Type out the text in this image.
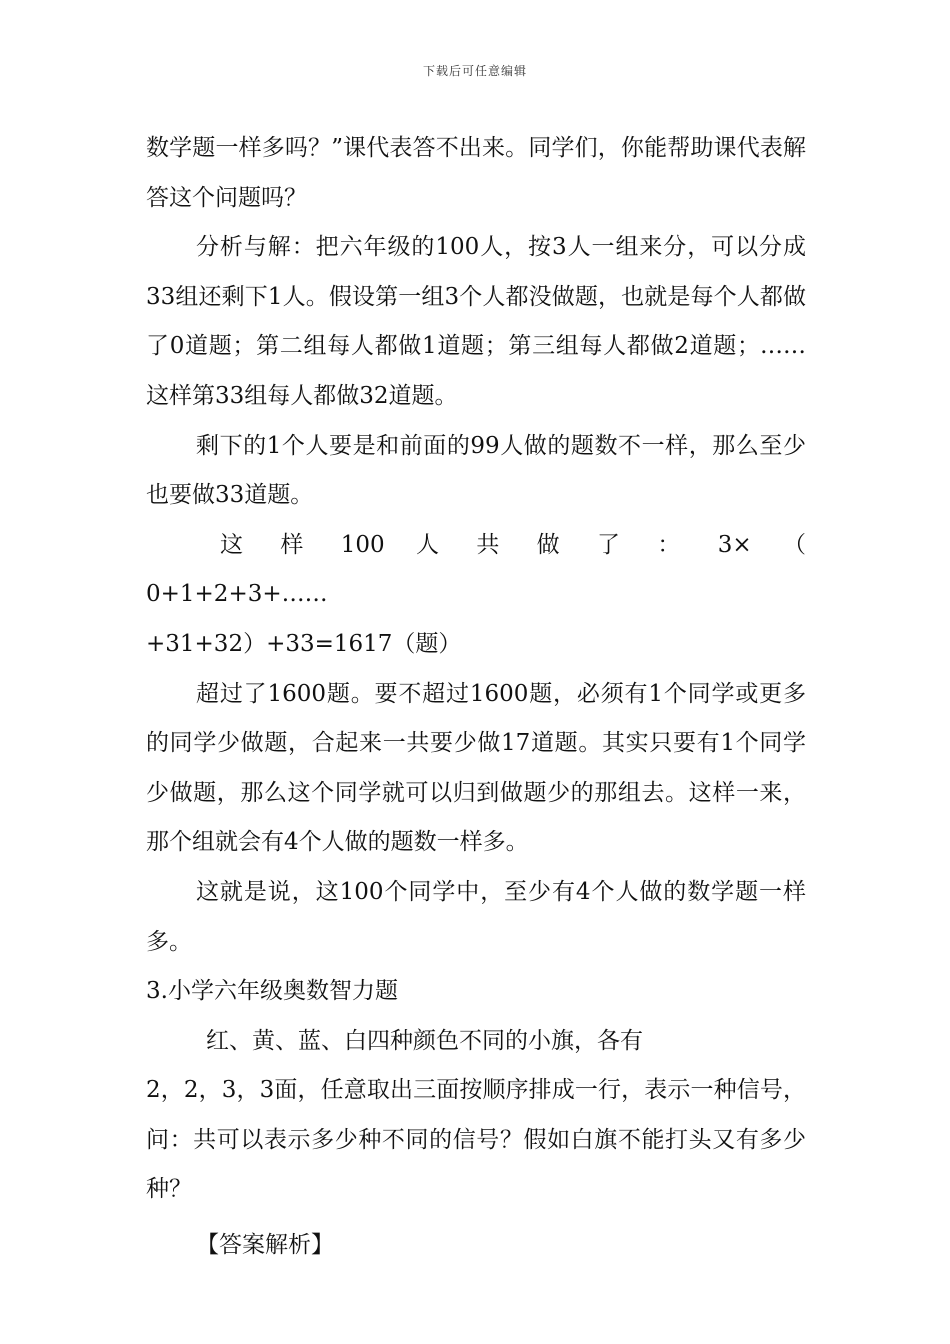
下载后可任意编辑

数学题一样多吗？”课代表答不出来。同学们，你能帮助课代表解答这个问题吗？

分析与解：把六年级的100人，按3人一组来分，可以分成33组还剩下1人。假设第一组3个人都没做题，也就是每个人都做了0道题；第二组每人都做1道题；第三组每人都做2道题；……这样第33组每人都做32道题。

剩下的1个人要是和前面的99人做的题数不一样，那么至少也要做33道题。

这 样 100 人 共 做 了 ： 3× （ 0+1+2+3+……

+31+32）+33=1617（题）

超过了1600题。要不超过1600题，必须有1个同学或更多的同学少做题，合起来一共要少做17道题。其实只要有1个同学少做题，那么这个同学就可以归到做题少的那组去。这样一来，那个组就会有4个人做的题数一样多。

这就是说，这100个同学中，至少有4个人做的数学题一样多。

3.小学六年级奥数智力题

红、黄、蓝、白四种颜色不同的小旗，各有

2，2，3，3面，任意取出三面按顺序排成一行，表示一种信号，问：共可以表示多少种不同的信号？假如白旗不能打头又有多少种？

【答案解析】
